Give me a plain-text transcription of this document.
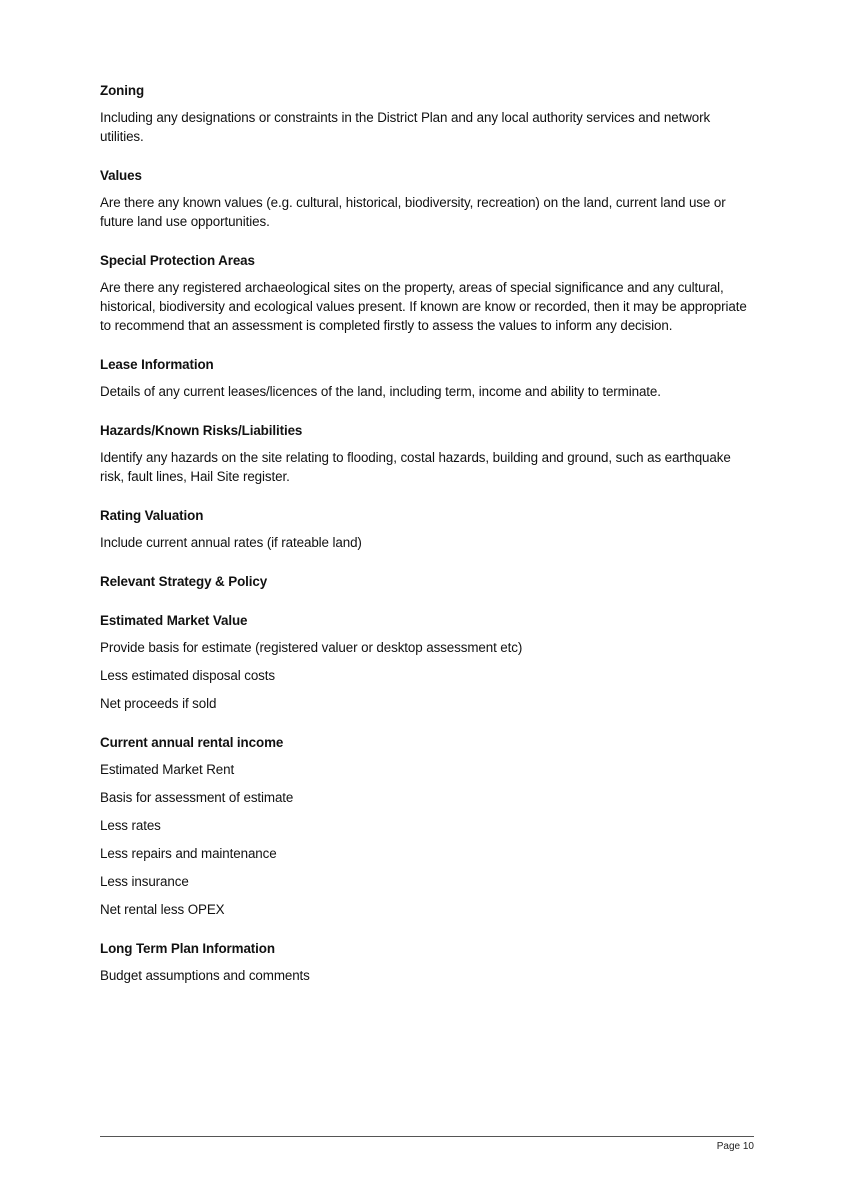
Zoning

Including any designations or constraints in the District Plan and any local authority services and network utilities.

Values

Are there any known values (e.g. cultural, historical, biodiversity, recreation) on the land, current land use or future land use opportunities.

Special Protection Areas

Are there any registered archaeological sites on the property, areas of special significance and any cultural, historical, biodiversity and ecological values present. If known are know or recorded, then it may be appropriate to recommend that an assessment is completed firstly to assess the values to inform any decision.

Lease Information

Details of any current leases/licences of the land, including term, income and ability to terminate.

Hazards/Known Risks/Liabilities

Identify any hazards on the site relating to flooding, costal hazards, building and ground, such as earthquake risk, fault lines, Hail Site register.

Rating Valuation

Include current annual rates (if rateable land)

Relevant Strategy & Policy
Estimated Market Value

Provide basis for estimate (registered valuer or desktop assessment etc)

Less estimated disposal costs

Net proceeds if sold

Current annual rental income

Estimated Market Rent

Basis for assessment of estimate

Less rates

Less repairs and maintenance

Less insurance

Net rental less OPEX

Long Term Plan Information

Budget assumptions and comments

Page 10
